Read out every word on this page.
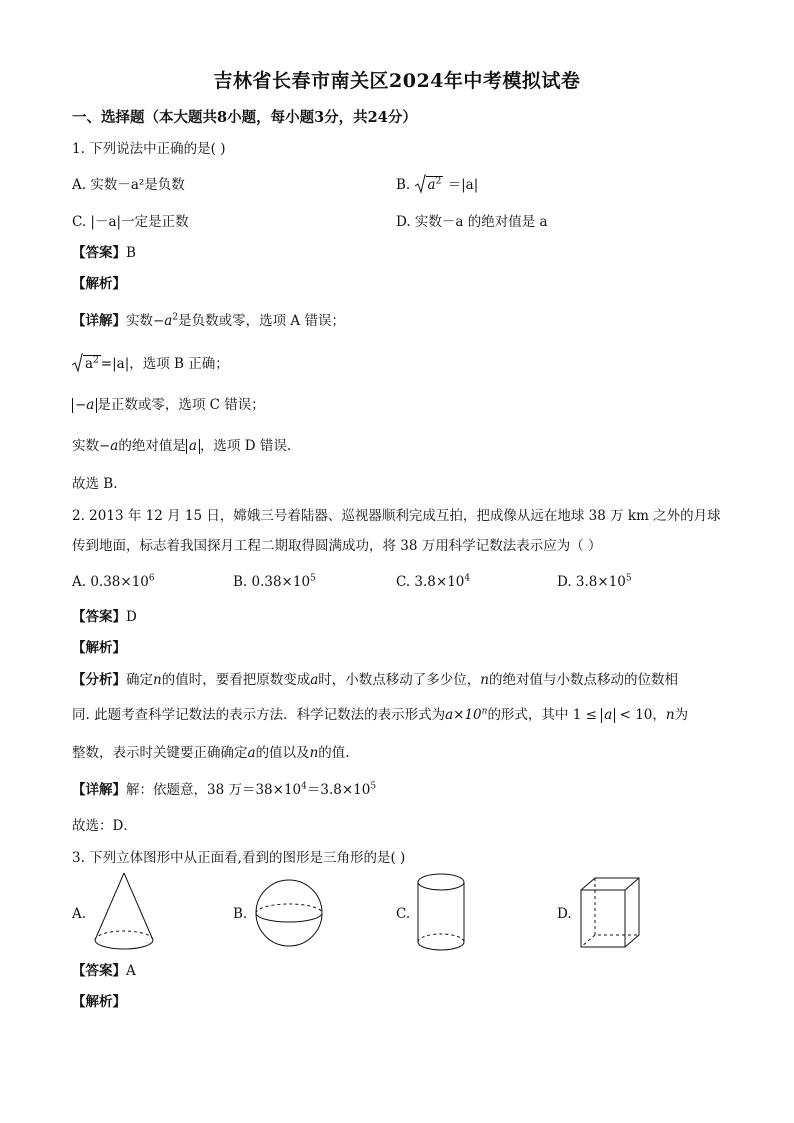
吉林省长春市南关区2024年中考模拟试卷
一、选择题（本大题共8小题，每小题3分，共24分）
1. 下列说法中正确的是( )
A. 实数－a²是负数	B. $a^2 =|a|$
C. |－a|一定是正数	D. 实数－a 的绝对值是 a
【答案】B
【解析】
【详解】实数$-a^2$是负数或零，选项 A 错误；
$a^2 =|a|$，选项 B 正确；
−a 是正数或零，选项 C 错误；
实数−a的绝对值是 a ，选项 D 错误.
故选 B.
2. 2013 年 12 月 15 日，嫦娥三号着陆器、巡视器顺利完成互拍，把成像从远在地球 38 万 km 之外的月球
传到地面，标志着我国探月工程二期取得圆满成功，将 38 万用科学记数法表示应为（ ）
A. $0.38\times 10^6$	B. $0.38\times 10^5$	C. $3.8\times 10^4$	D. $3.8\times 10^5$
【答案】D
【解析】
【分析】确定n的值时，要看把原数变成a时，小数点移动了多少位，n的绝对值与小数点移动的位数相
同. 此题考查科学记数法的表示方法．科学记数法的表示形式为$a\times 10^n$的形式，其中 1 ≤ a < 10，n为
整数，表示时关键要正确确定a的值以及n的值.
【详解】解：依题意，38 万$=38\times 10^4=3.8\times 10^5$
故选：D．
3. 下列立体图形中从正面看,看到的图形是三角形的是( )
A.	B.	C.	D.
【答案】A
【解析】
